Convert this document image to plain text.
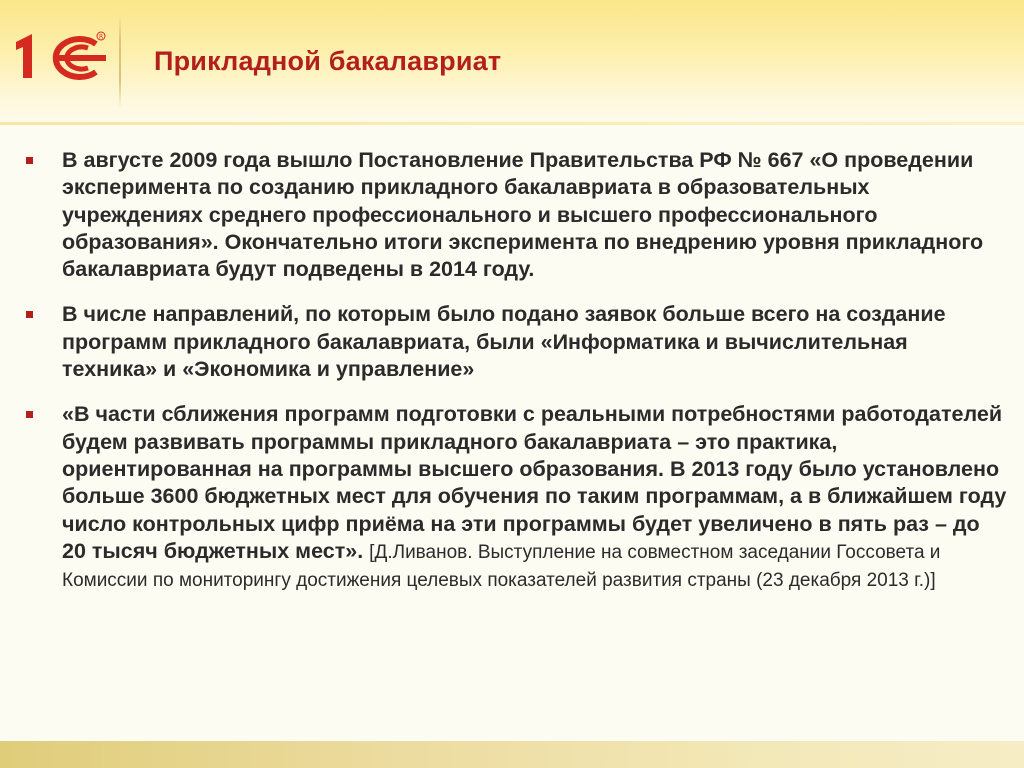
R
Прикладной бакалавриат
В августе 2009 года вышло Постановление Правительства РФ № 667 «О проведении эксперимента по созданию прикладного бакалавриата в образовательных учреждениях среднего профессионального и высшего профессионального образования». Окончательно итоги эксперимента по внедрению уровня прикладного бакалавриата будут подведены в 2014 году.
В числе направлений, по которым было подано заявок больше всего на создание программ прикладного бакалавриата, были «Информатика и вычислительная техника» и «Экономика и управление»
«В части сближения программ подготовки с реальными потребностями работодателей будем развивать программы прикладного бакалавриата – это практика, ориентированная на программы высшего образования. В 2013 году было установлено больше 3600 бюджетных мест для обучения по таким программам, а в ближайшем году число контрольных цифр приёма на эти программы будет увеличено в пять раз – до 20 тысяч бюджетных мест». [Д.Ливанов. Выступление на совместном заседании Госсовета и Комиссии по мониторингу достижения целевых показателей развития страны (23 декабря 2013 г.)]
